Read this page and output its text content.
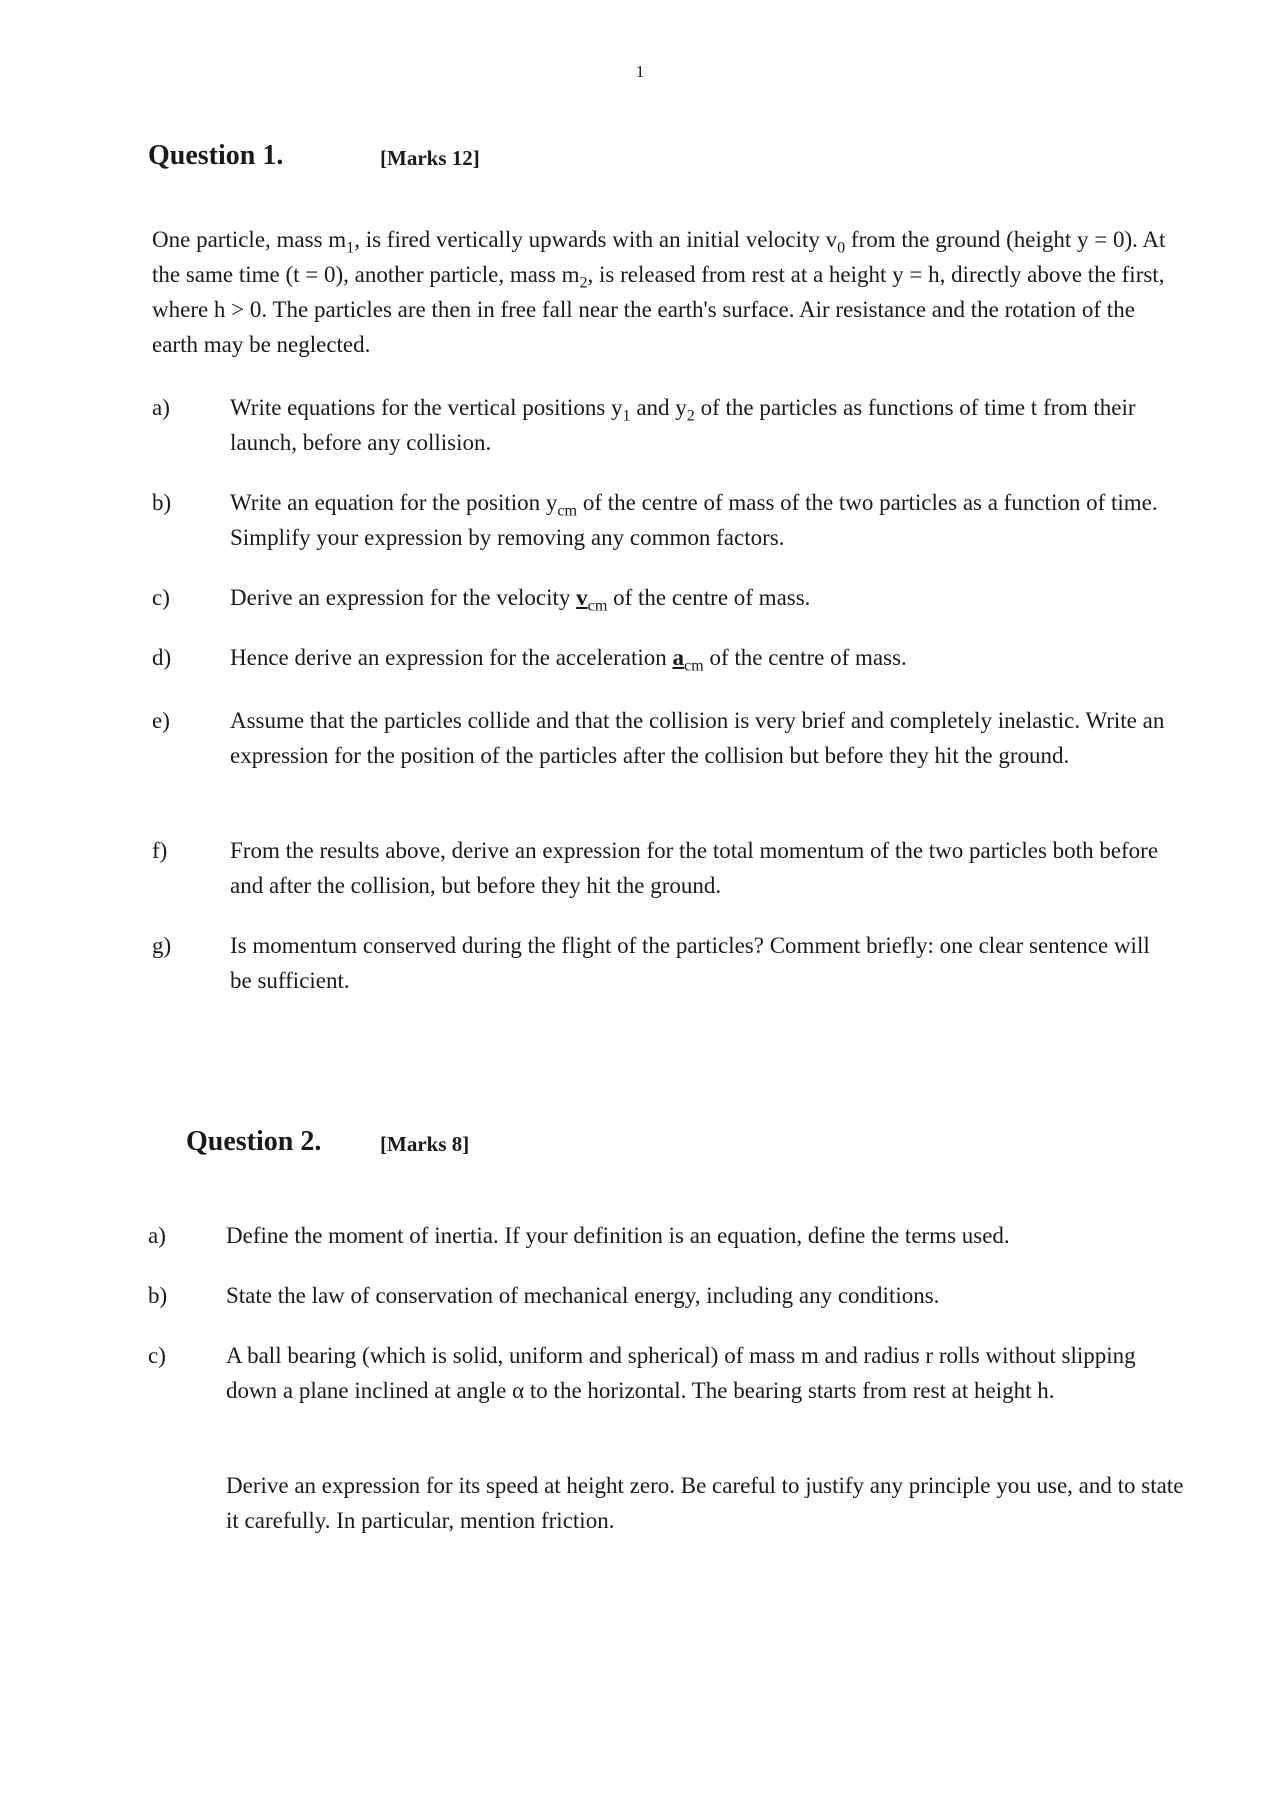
1
Question 1.	[Marks 12]
One particle, mass $m_1$, is fired vertically upwards with an initial velocity $v_0$ from the ground (height y = 0). At the same time (t = 0), another particle, mass $m_2$, is released from rest at a height y = h, directly above the first, where h > 0. The particles are then in free fall near the earth's surface. Air resistance and the rotation of the earth may be neglected.
a)	Write equations for the vertical positions $y_1$ and $y_2$ of the particles as functions of time t from their launch, before any collision.
b)	Write an equation for the position $y_{cm}$ of the centre of mass of the two particles as a function of time. Simplify your expression by removing any common factors.
c)	Derive an expression for the velocity $v_{cm}$ of the centre of mass.
d)	Hence derive an expression for the acceleration $a_{cm}$ of the centre of mass.
e)	Assume that the particles collide and that the collision is very brief and completely inelastic. Write an expression for the position of the particles after the collision but before they hit the ground.
f)	From the results above, derive an expression for the total momentum of the two particles both before and after the collision, but before they hit the ground.
g)	Is momentum conserved during the flight of the particles? Comment briefly: one clear sentence will be sufficient.
Question 2.	[Marks 8]
a)	Define the moment of inertia. If your definition is an equation, define the terms used.
b)	State the law of conservation of mechanical energy, including any conditions.
c)	A ball bearing (which is solid, uniform and spherical) of mass m and radius r rolls without slipping down a plane inclined at angle α to the horizontal. The bearing starts from rest at height h.
Derive an expression for its speed at height zero. Be careful to justify any principle you use, and to state it carefully. In particular, mention friction.
